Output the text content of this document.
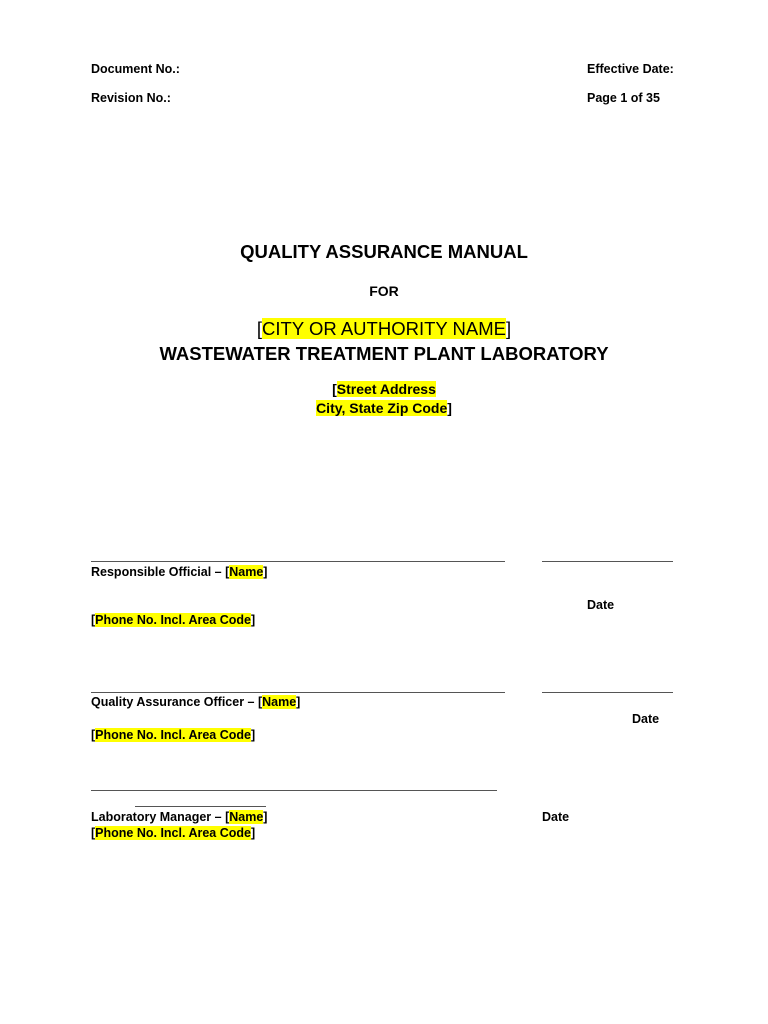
Document No.:
Revision No.:
Effective Date:
Page 1 of 35
QUALITY ASSURANCE MANUAL
FOR
[CITY OR AUTHORITY NAME]
WASTEWATER TREATMENT PLANT LABORATORY
[Street Address
City, State Zip Code]
Responsible Official – [Name]
Date
[Phone No. Incl. Area Code]
Quality Assurance Officer – [Name]
Date
[Phone No. Incl. Area Code]
Laboratory Manager – [Name]	Date
[Phone No. Incl. Area Code]
